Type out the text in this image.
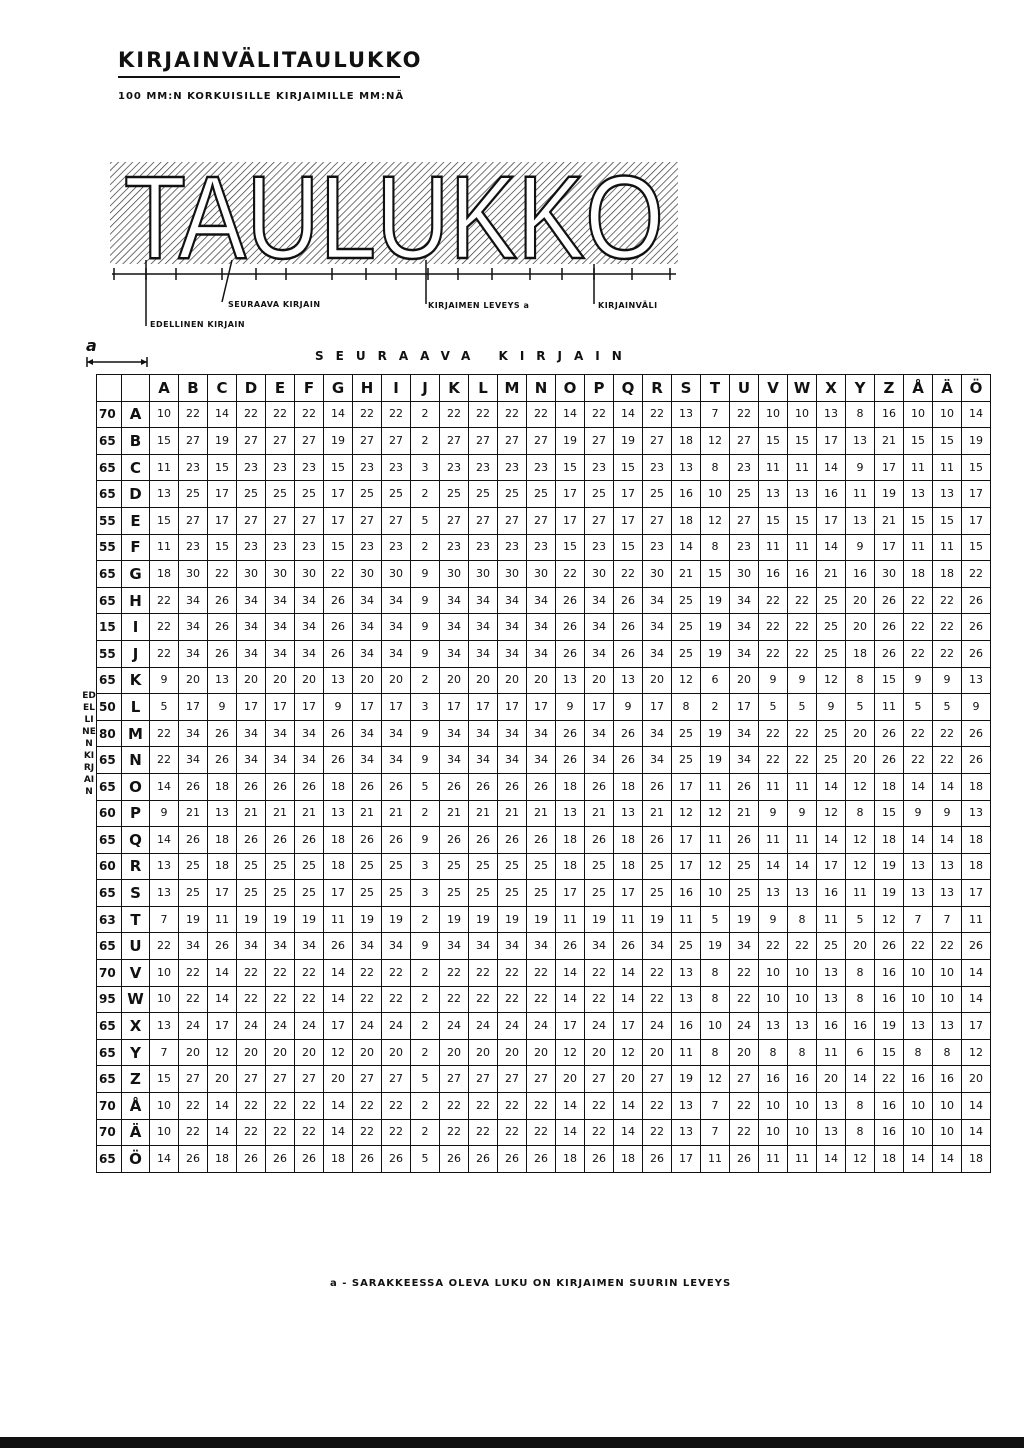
KIRJAINVÄLITAULUKKO
100 MM:N KORKUISILLE KIRJAIMILLE MM:NÄ
TAULUKKO
SEURAAVA KIRJAIN
EDELLINEN KIRJAIN
KIRJAIMEN LEVEYS a	KIRJAINVÄLI
a
SEURAAVA KIRJAIN
EDELLINEN KIRJAIN
		A	B	C	D	E	F	G	H	I	J	K	L	M	N	O	P	Q	R	S	T	U	V	W	X	Y	Z	Å	Ä	Ö
70	A	10	22	14	22	22	22	14	22	22	2	22	22	22	22	14	22	14	22	13	7	22	10	10	13	8	16	10	10	14
65	B	15	27	19	27	27	27	19	27	27	2	27	27	27	27	19	27	19	27	18	12	27	15	15	17	13	21	15	15	19
65	C	11	23	15	23	23	23	15	23	23	3	23	23	23	23	15	23	15	23	13	8	23	11	11	14	9	17	11	11	15
65	D	13	25	17	25	25	25	17	25	25	2	25	25	25	25	17	25	17	25	16	10	25	13	13	16	11	19	13	13	17
55	E	15	27	17	27	27	27	17	27	27	5	27	27	27	27	17	27	17	27	18	12	27	15	15	17	13	21	15	15	17
55	F	11	23	15	23	23	23	15	23	23	2	23	23	23	23	15	23	15	23	14	8	23	11	11	14	9	17	11	11	15
65	G	18	30	22	30	30	30	22	30	30	9	30	30	30	30	22	30	22	30	21	15	30	16	16	21	16	30	18	18	22
65	H	22	34	26	34	34	34	26	34	34	9	34	34	34	34	26	34	26	34	25	19	34	22	22	25	20	26	22	22	26
15	I	22	34	26	34	34	34	26	34	34	9	34	34	34	34	26	34	26	34	25	19	34	22	22	25	20	26	22	22	26
55	J	22	34	26	34	34	34	26	34	34	9	34	34	34	34	26	34	26	34	25	19	34	22	22	25	18	26	22	22	26
65	K	9	20	13	20	20	20	13	20	20	2	20	20	20	20	13	20	13	20	12	6	20	9	9	12	8	15	9	9	13
50	L	5	17	9	17	17	17	9	17	17	3	17	17	17	17	9	17	9	17	8	2	17	5	5	9	5	11	5	5	9
80	M	22	34	26	34	34	34	26	34	34	9	34	34	34	34	26	34	26	34	25	19	34	22	22	25	20	26	22	22	26
65	N	22	34	26	34	34	34	26	34	34	9	34	34	34	34	26	34	26	34	25	19	34	22	22	25	20	26	22	22	26
65	O	14	26	18	26	26	26	18	26	26	5	26	26	26	26	18	26	18	26	17	11	26	11	11	14	12	18	14	14	18
60	P	9	21	13	21	21	21	13	21	21	2	21	21	21	21	13	21	13	21	12	12	21	9	9	12	8	15	9	9	13
65	Q	14	26	18	26	26	26	18	26	26	9	26	26	26	26	18	26	18	26	17	11	26	11	11	14	12	18	14	14	18
60	R	13	25	18	25	25	25	18	25	25	3	25	25	25	25	18	25	18	25	17	12	25	14	14	17	12	19	13	13	18
65	S	13	25	17	25	25	25	17	25	25	3	25	25	25	25	17	25	17	25	16	10	25	13	13	16	11	19	13	13	17
63	T	7	19	11	19	19	19	11	19	19	2	19	19	19	19	11	19	11	19	11	5	19	9	8	11	5	12	7	7	11
65	U	22	34	26	34	34	34	26	34	34	9	34	34	34	34	26	34	26	34	25	19	34	22	22	25	20	26	22	22	26
70	V	10	22	14	22	22	22	14	22	22	2	22	22	22	22	14	22	14	22	13	8	22	10	10	13	8	16	10	10	14
95	W	10	22	14	22	22	22	14	22	22	2	22	22	22	22	14	22	14	22	13	8	22	10	10	13	8	16	10	10	14
65	X	13	24	17	24	24	24	17	24	24	2	24	24	24	24	17	24	17	24	16	10	24	13	13	16	16	19	13	13	17
65	Y	7	20	12	20	20	20	12	20	20	2	20	20	20	20	12	20	12	20	11	8	20	8	8	11	6	15	8	8	12
65	Z	15	27	20	27	27	27	20	27	27	5	27	27	27	27	20	27	20	27	19	12	27	16	16	20	14	22	16	16	20
70	Å	10	22	14	22	22	22	14	22	22	2	22	22	22	22	14	22	14	22	13	7	22	10	10	13	8	16	10	10	14
70	Ä	10	22	14	22	22	22	14	22	22	2	22	22	22	22	14	22	14	22	13	7	22	10	10	13	8	16	10	10	14
65	Ö	14	26	18	26	26	26	18	26	26	5	26	26	26	26	18	26	18	26	17	11	26	11	11	14	12	18	14	14	18
a - SARAKKEESSA OLEVA LUKU ON KIRJAIMEN SUURIN LEVEYS
